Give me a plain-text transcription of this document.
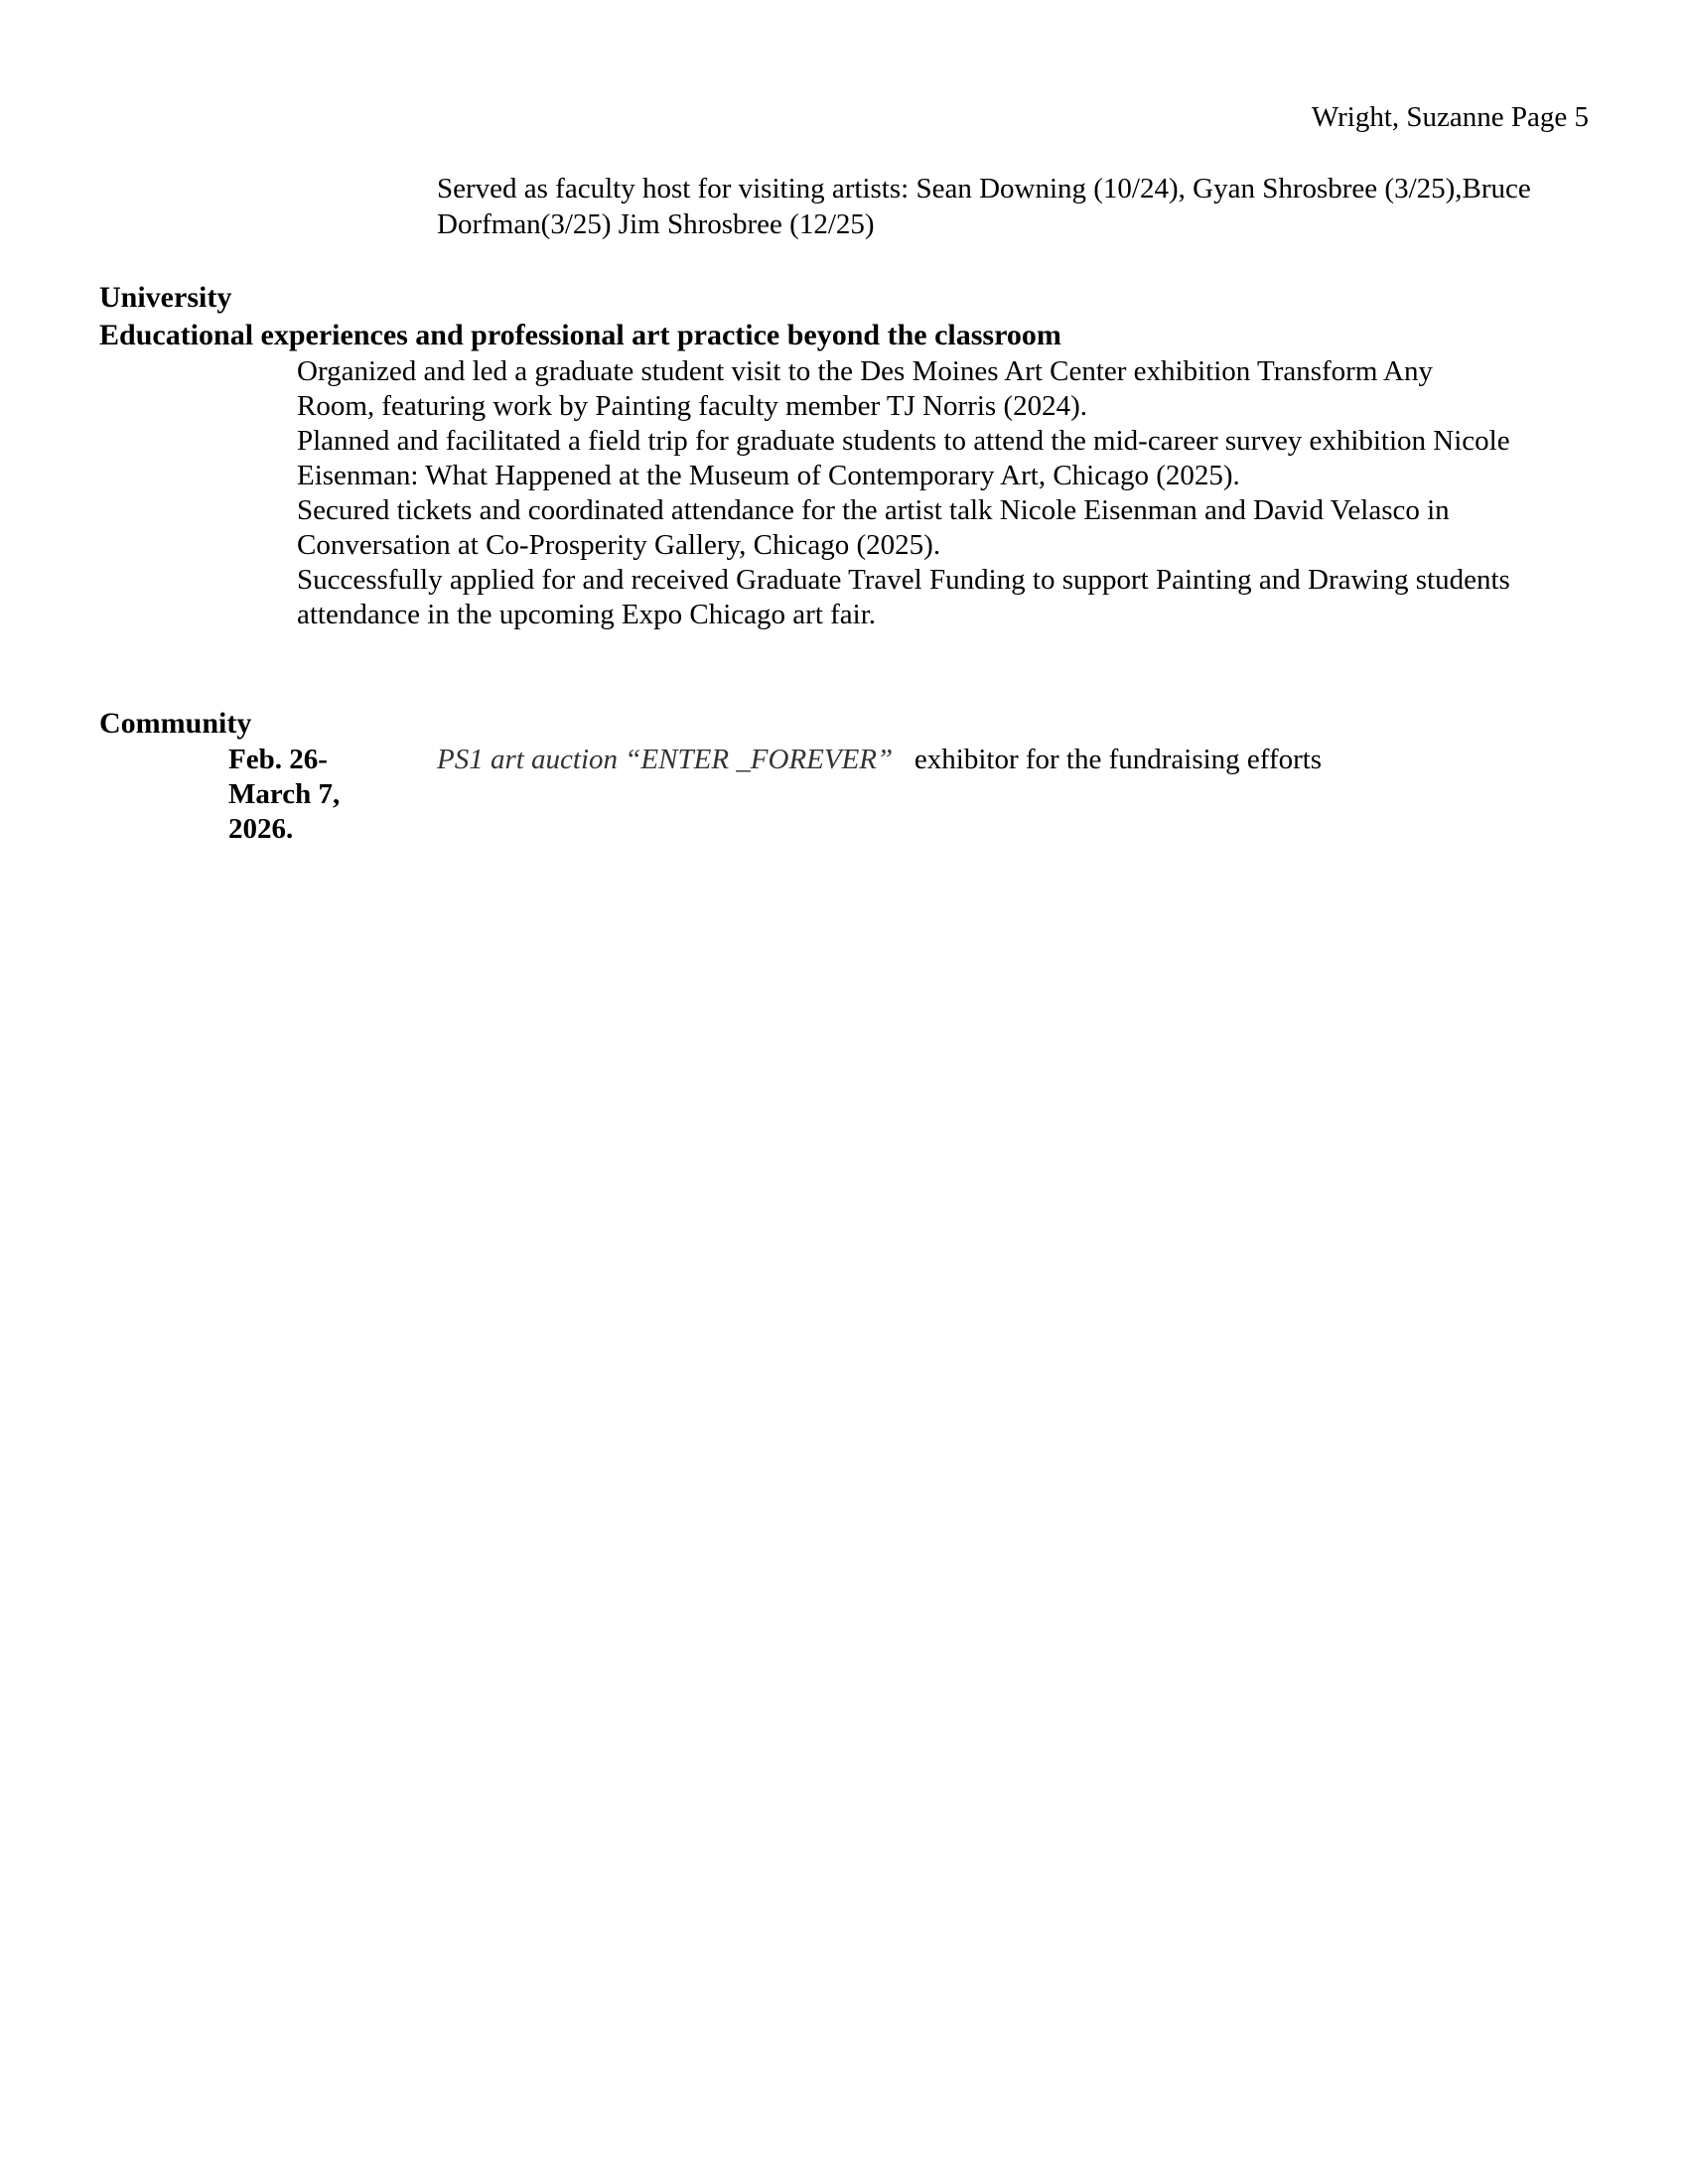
Wright, Suzanne Page 5

Served as faculty host for visiting artists: Sean Downing (10/24), Gyan Shrosbree (3/25),Bruce

Dorfman(3/25) Jim Shrosbree (12/25)

University
Educational experiences and professional art practice beyond the classroom

Organized and led a graduate student visit to the Des Moines Art Center exhibition Transform Any

Room, featuring work by Painting faculty member TJ Norris (2024).

Planned and facilitated a field trip for graduate students to attend the mid-career survey exhibition Nicole

Eisenman: What Happened at the Museum of Contemporary Art, Chicago (2025).

Secured tickets and coordinated attendance for the artist talk Nicole Eisenman and David Velasco in

Conversation at Co-Prosperity Gallery, Chicago (2025).

Successfully applied for and received Graduate Travel Funding to support Painting and Drawing students

attendance in the upcoming Expo Chicago art fair.

Community
Feb. 26-
March 7,
2026.
PS1 art auction “ENTER _FOREVER” exhibitor for the fundraising efforts
